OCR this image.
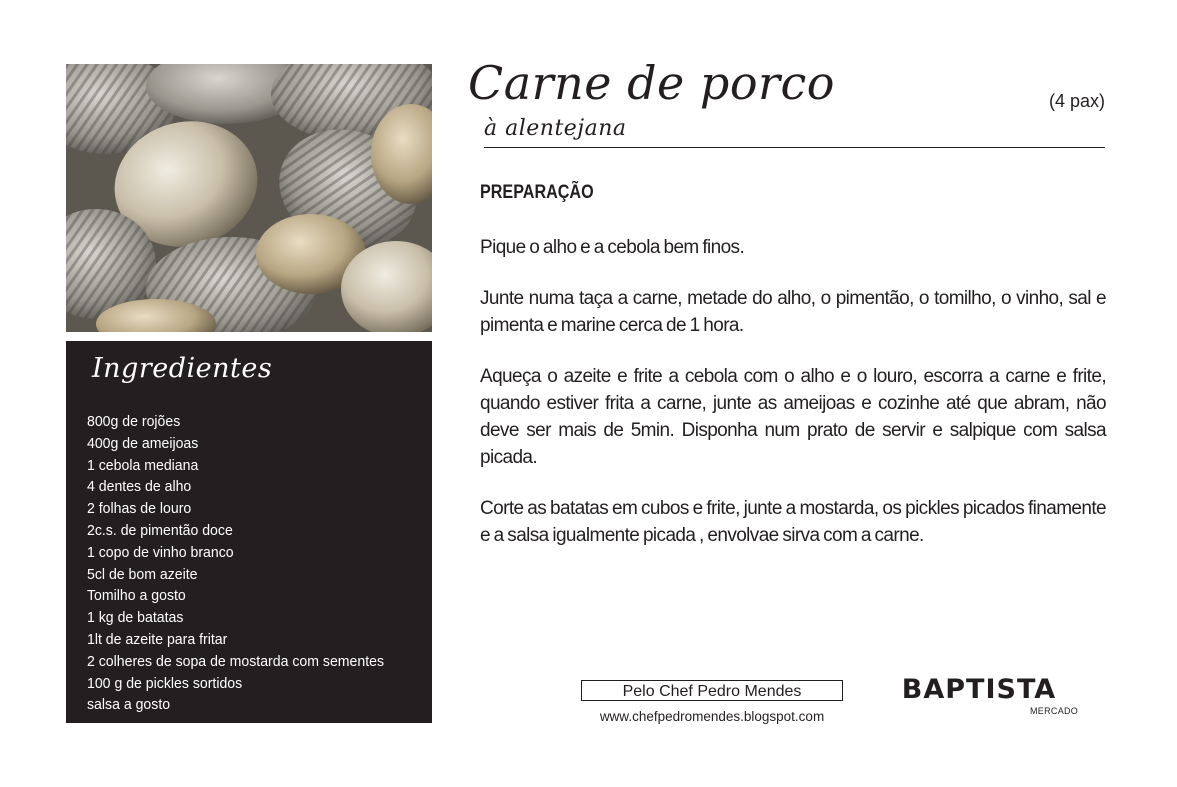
Ingredientes
800g de rojões
400g de ameijoas
1 cebola mediana
4 dentes de alho
2 folhas de louro
2c.s. de pimentão doce
1 copo de vinho branco
5cl de bom azeite
Tomilho a gosto
1 kg de batatas
1lt de azeite para fritar
2 colheres de sopa de mostarda com sementes
100 g de pickles sortidos
salsa a gosto
Carne de porco
à alentejana
(4 pax)
PREPARAÇÃO

Pique o alho e a cebola bem finos.

Junte numa taça a carne, metade do alho, o pimentão, o tomilho, o vinho, sal e pimenta e marine cerca de 1 hora.

Aqueça o azeite e frite a cebola com o alho e o louro, escorra a carne e frite, quando estiver frita a carne, junte as ameijoas e cozinhe até que abram, não deve ser mais de 5min. Disponha num prato de servir e salpique com salsa picada.

Corte as batatas em cubos e frite, junte a mostarda, os pickles picados finamente e a salsa igualmente picada , envolvae sirva com a carne.

Pelo Chef Pedro Mendes
www.chefpedromendes.blogspot.com
BAPTISTA
MERCADO
